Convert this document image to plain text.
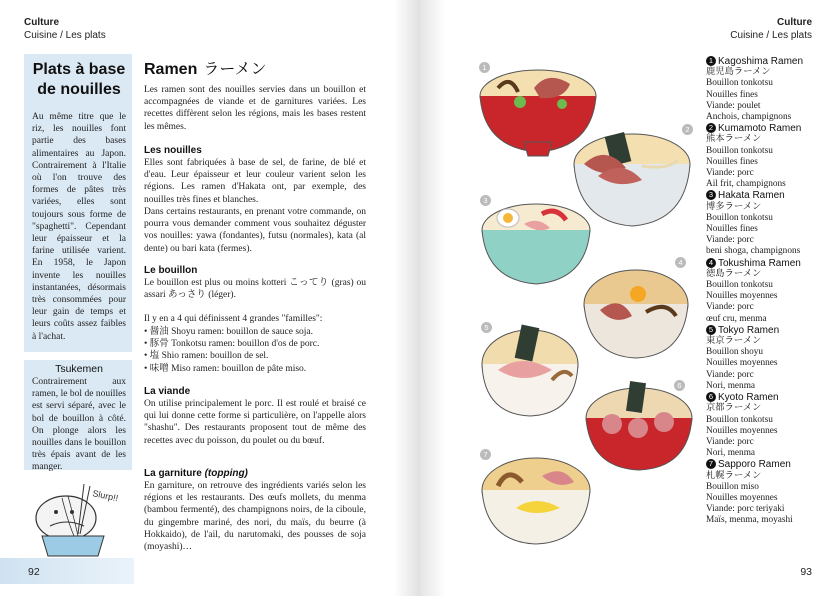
Culture
Cuisine / Les plats
Plats à base
de nouilles
Au même titre que le riz, les nouilles font partie des bases alimentaires au Japon. Contrairement à l'Italie où l'on trouve des formes de pâtes très variées, elles sont toujours sous forme de "spaghetti". Cependant leur épaisseur et la farine utilisée varient. En 1958, le Japon invente les nouilles instantanées, désormais très consommées pour leur gain de temps et leurs coûts assez faibles à l'achat.
Tsukemen
Contrairement aux ramen, le bol de nouilles est servi séparé, avec le bol de bouillon à côté. On plonge alors les nouilles dans le bouillon très épais avant de les manger.
Slurp!!
92
Ramen ラーメン
Les ramen sont des nouilles servies dans un bouillon et accompagnées de viande et de garnitures variées. Les recettes diffèrent selon les régions, mais les bases restent les mêmes.
Les nouilles
Elles sont fabriquées à base de sel, de farine, de blé et d'eau. Leur épaisseur et leur couleur varient selon les régions. Les ramen d'Hakata ont, par exemple, des nouilles très fines et blanches.
Dans certains restaurants, en prenant votre commande, on pourra vous demander comment vous souhaitez déguster vos nouilles: yawa (fondantes), futsu (normales), kata (al dente) ou bari kata (fermes).
Le bouillon
Le bouillon est plus ou moins kotteri こってり (gras) ou assari あっさり (léger).
Il y en a 4 qui définissent 4 grandes "familles":
• 醤油 Shoyu ramen: bouillon de sauce soja.
• 豚骨 Tonkotsu ramen: bouillon d'os de porc.
• 塩 Shio ramen: bouillon de sel.
• 味噌 Miso ramen: bouillon de pâte miso.
La viande
On utilise principalement le porc. Il est roulé et braisé ce qui lui donne cette forme si particulière, on l'appelle alors "shashu". Des restaurants proposent tout de même des recettes avec du poisson, du poulet ou du bœuf.
La garniture (topping)
En garniture, on retrouve des ingrédients variés selon les régions et les restaurants. Des œufs mollets, du menma (bambou fermenté), des champignons noirs, de la ciboule, du gingembre mariné, des nori, du maïs, du beurre (à Hokkaido), de l'ail, du narutomaki, des pousses de soja (moyashi)…
Culture
Cuisine / Les plats
93
1
2
3
4
5
6
7
1 Kagoshima Ramen
鹿児島ラーメン
Bouillon tonkotsu
Nouilles fines
Viande: poulet
Anchois, champignons
2 Kumamoto Ramen
熊本ラーメン
Bouillon tonkotsu
Nouilles fines
Viande: porc
Ail frit, champignons
3 Hakata Ramen
博多ラーメン
Bouillon tonkotsu
Nouilles fines
Viande: porc
beni shoga, champignons
4 Tokushima Ramen
徳島ラーメン
Bouillon tonkotsu
Nouilles moyennes
Viande: porc
œuf cru, menma
5 Tokyo Ramen
東京ラーメン
Bouillon shoyu
Nouilles moyennes
Viande: porc
Nori, menma
6 Kyoto Ramen
京都ラーメン
Bouillon tonkotsu
Nouilles moyennes
Viande: porc
Nori, menma
7 Sapporo Ramen
札幌ラーメン
Bouillon miso
Nouilles moyennes
Viande: porc teriyaki
Maïs, menma, moyashi
